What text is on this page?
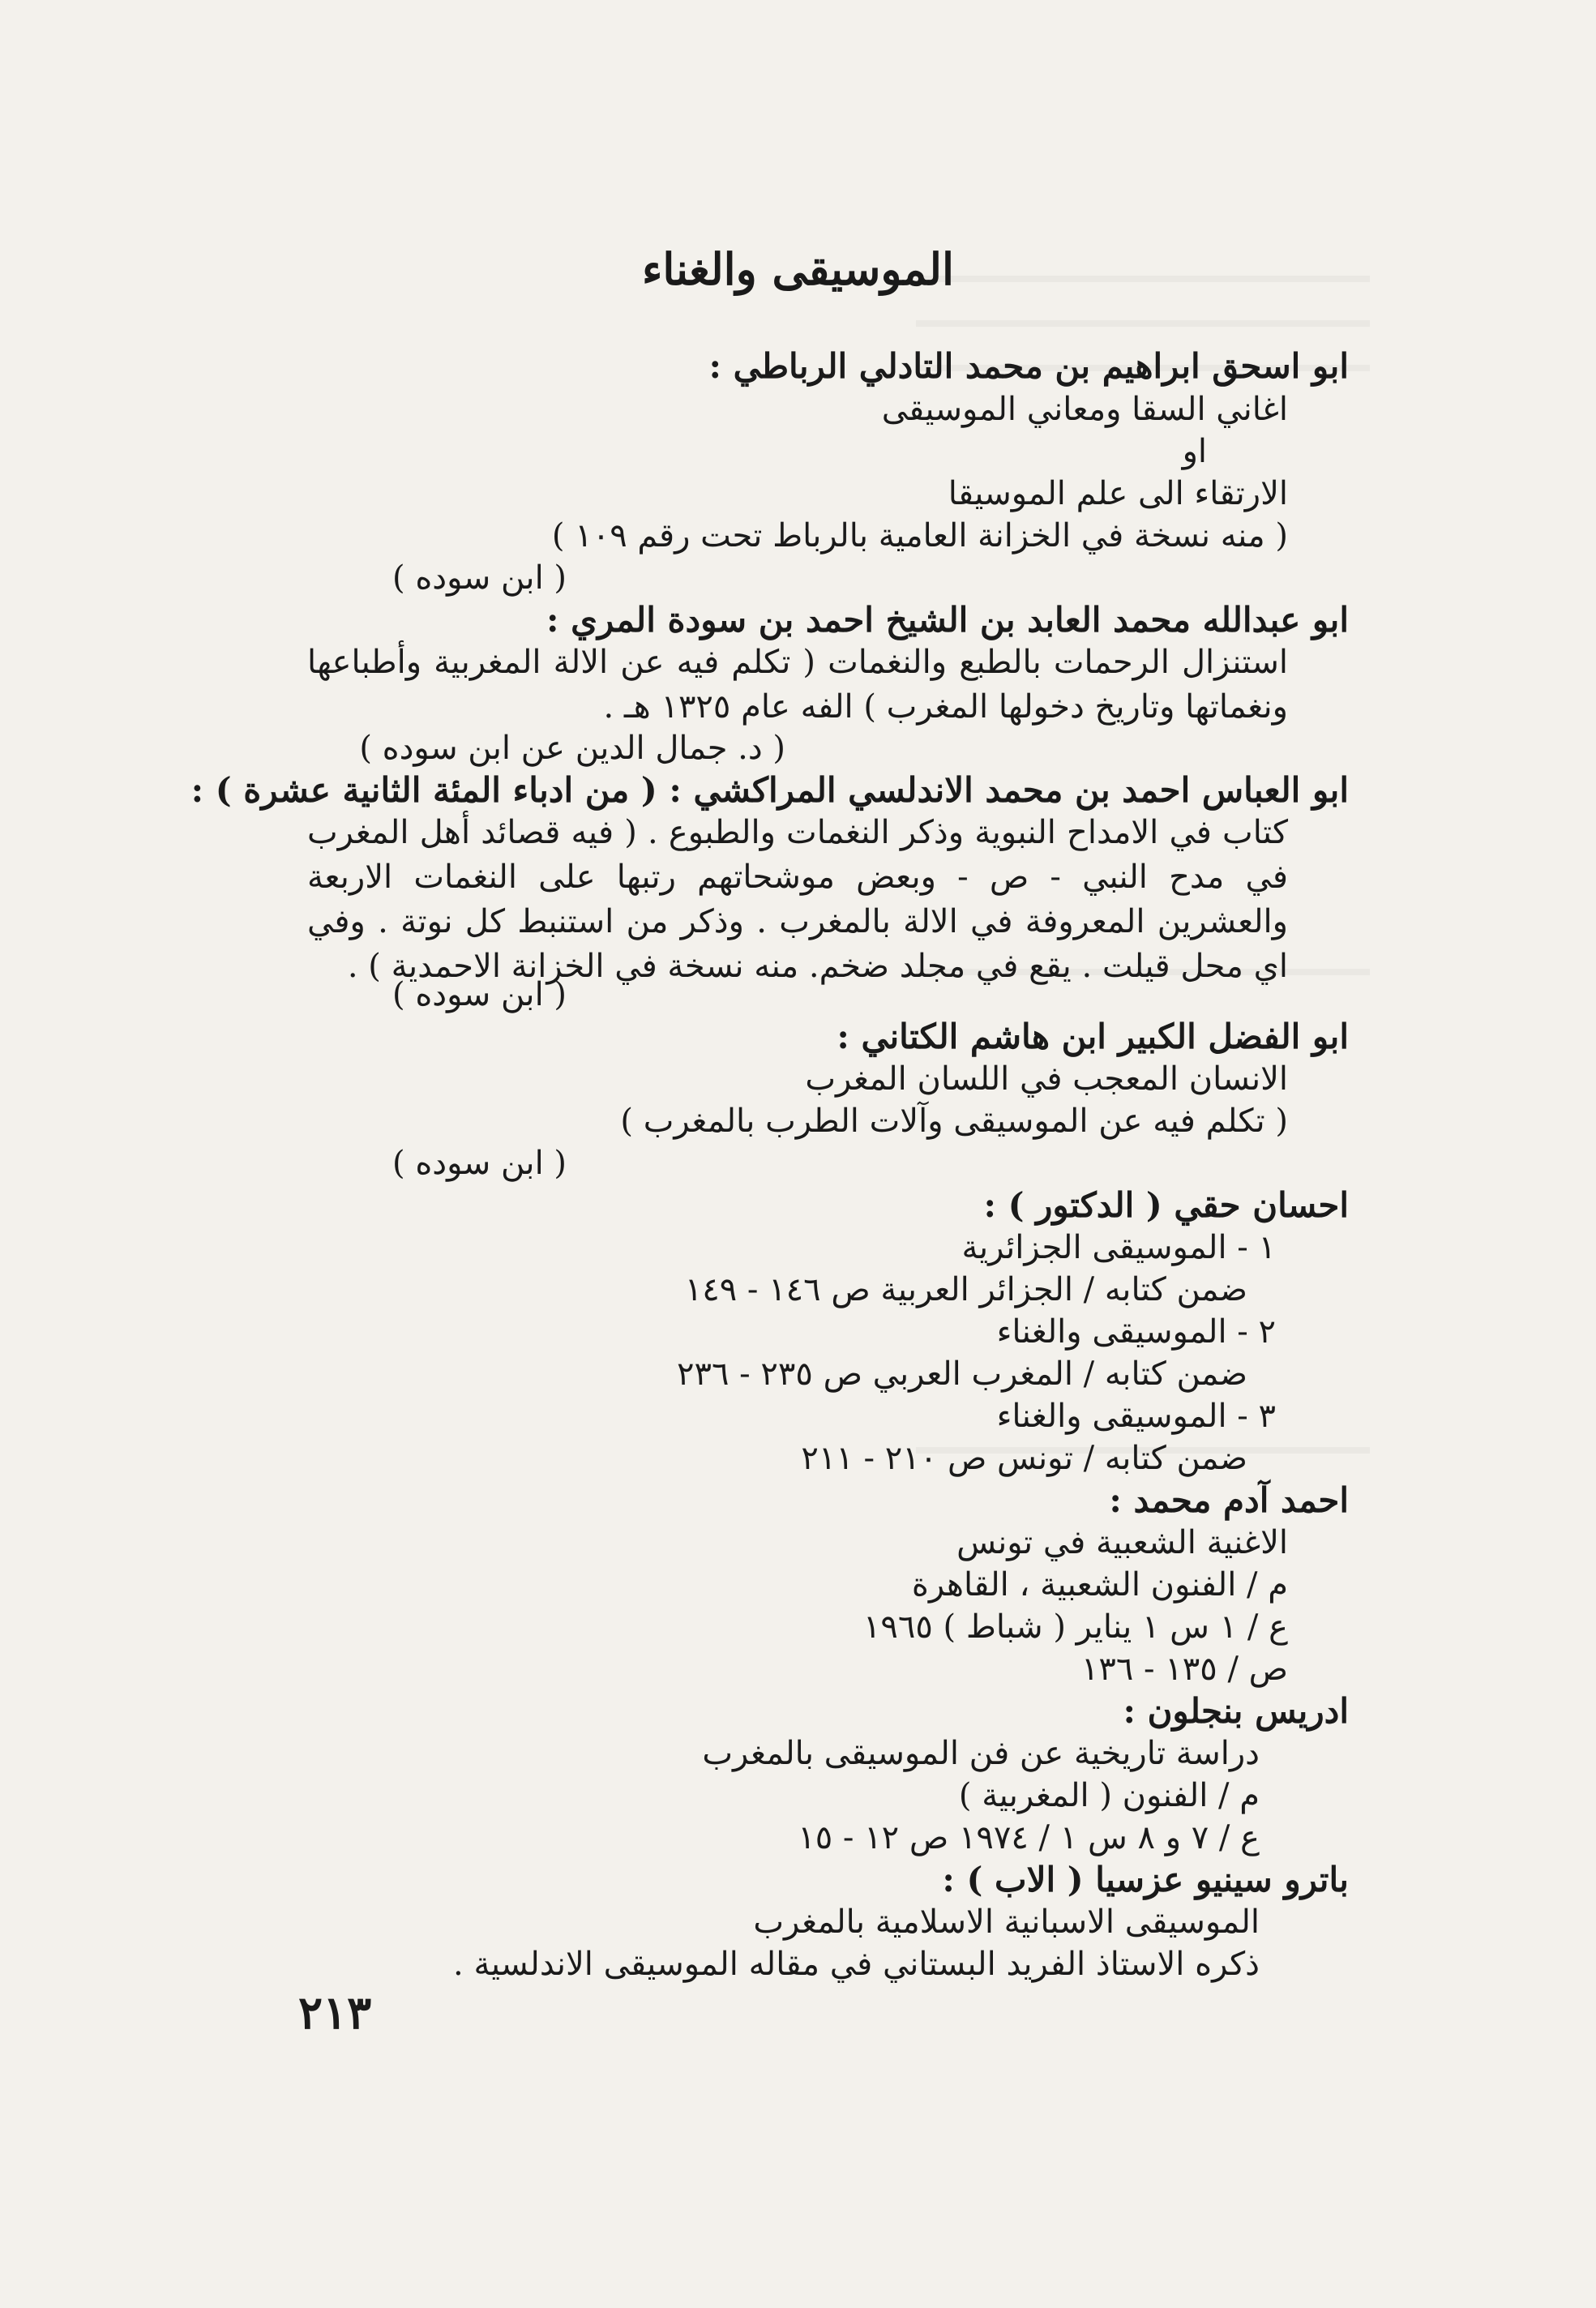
الموسيقى والغناء
ابو اسحق ابراهيم بن محمد التادلي الرباطي :
اغاني السقا ومعاني الموسيقى
او
الارتقاء الى علم الموسيقا
( منه نسخة في الخزانة العامية بالرباط تحت رقم ١٠٩ )
( ابن سوده )
ابو عبدالله محمد العابد بن الشيخ احمد بن سودة المري :
استنزال الرحمات بالطبع والنغمات ( تكلم فيه عن الالة المغربية وأطباعها ونغماتها وتاريخ دخولها المغرب ) الفه عام ١٣٢٥ هـ .
( د. جمال الدين عن ابن سوده )
ابو العباس احمد بن محمد الاندلسي المراكشي : ( من ادباء المئة الثانية عشرة ) :
كتاب في الامداح النبوية وذكر النغمات والطبوع . ( فيه قصائد أهل المغرب في مدح النبي - ص - وبعض موشحاتهم رتبها على النغمات الاربعة والعشرين المعروفة في الالة بالمغرب . وذكر من استنبط كل نوتة . وفي اي محل قيلت . يقع في مجلد ضخم. منه نسخة في الخزانة الاحمدية ) .
( ابن سوده )
ابو الفضل الكبير ابن هاشم الكتاني :
الانسان المعجب في اللسان المغرب
( تكلم فيه عن الموسيقى وآلات الطرب بالمغرب )
( ابن سوده )
احسان حقي ( الدكتور ) :
١ - الموسيقى الجزائرية
ضمن كتابه / الجزائر العربية ص ١٤٦ - ١٤٩
٢ - الموسيقى والغناء
ضمن كتابه / المغرب العربي ص ٢٣٥ - ٢٣٦
٣ - الموسيقى والغناء
ضمن كتابه / تونس ص ٢١٠ - ٢١١
احمد آدم محمد :
الاغنية الشعبية في تونس
م / الفنون الشعبية ، القاهرة
ع / ١ س ١ يناير ( شباط ) ١٩٦٥
ص / ١٣٥ - ١٣٦
ادريس بنجلون :
دراسة تاريخية عن فن الموسيقى بالمغرب
م / الفنون ( المغربية )
ع / ٧ و ٨ س ١ / ١٩٧٤ ص ١٢ - ١٥
باترو سينيو عزسيا ( الاب ) :
الموسيقى الاسبانية الاسلامية بالمغرب
ذكره الاستاذ الفريد البستاني في مقاله الموسيقى الاندلسية .
٢١٣
